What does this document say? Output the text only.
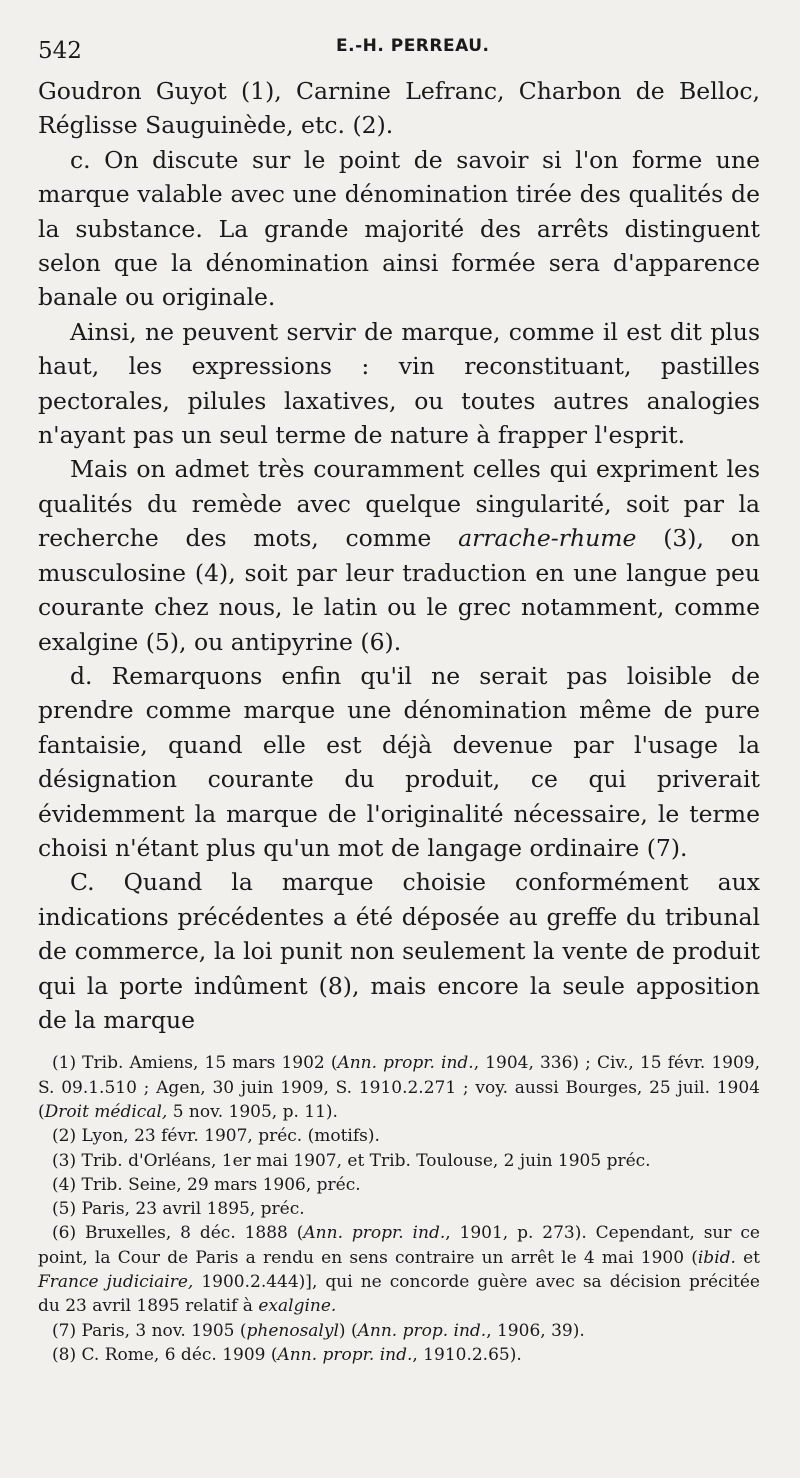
542	E.-H. PERREAU.

Goudron Guyot (1), Carnine Lefranc, Charbon de Belloc, Réglisse Sauguinède, etc. (2).

c. On discute sur le point de savoir si l'on forme une marque valable avec une dénomination tirée des qualités de la substance. La grande majorité des arrêts distinguent selon que la dénomination ainsi formée sera d'apparence banale ou originale.

Ainsi, ne peuvent servir de marque, comme il est dit plus haut, les expressions : vin reconstituant, pastilles pectorales, pilules laxatives, ou toutes autres analogies n'ayant pas un seul terme de nature à frapper l'esprit.

Mais on admet très couramment celles qui expriment les qualités du remède avec quelque singularité, soit par la recherche des mots, comme arrache-rhume (3), on musculosine (4), soit par leur traduction en une langue peu courante chez nous, le latin ou le grec notamment, comme exalgine (5), ou antipyrine (6).

d. Remarquons enfin qu'il ne serait pas loisible de prendre comme marque une dénomination même de pure fantaisie, quand elle est déjà devenue par l'usage la désignation courante du produit, ce qui priverait évidemment la marque de l'originalité nécessaire, le terme choisi n'étant plus qu'un mot de langage ordinaire (7).

C. Quand la marque choisie conformément aux indications précédentes a été déposée au greffe du tribunal de commerce, la loi punit non seulement la vente de produit qui la porte indûment (8), mais encore la seule apposition de la marque

(1) Trib. Amiens, 15 mars 1902 (Ann. propr. ind., 1904, 336) ; Civ., 15 févr. 1909, S. 09.1.510 ; Agen, 30 juin 1909, S. 1910.2.271 ; voy. aussi Bourges, 25 juil. 1904 (Droit médical, 5 nov. 1905, p. 11).

(2) Lyon, 23 févr. 1907, préc. (motifs).

(3) Trib. d'Orléans, 1er mai 1907, et Trib. Toulouse, 2 juin 1905 préc.

(4) Trib. Seine, 29 mars 1906, préc.

(5) Paris, 23 avril 1895, préc.

(6) Bruxelles, 8 déc. 1888 (Ann. propr. ind., 1901, p. 273). Cependant, sur ce point, la Cour de Paris a rendu en sens contraire un arrêt le 4 mai 1900 (ibid. et France judiciaire, 1900.2.444)], qui ne concorde guère avec sa décision précitée du 23 avril 1895 relatif à exalgine.

(7) Paris, 3 nov. 1905 (phenosalyl) (Ann. prop. ind., 1906, 39).

(8) C. Rome, 6 déc. 1909 (Ann. propr. ind., 1910.2.65).
